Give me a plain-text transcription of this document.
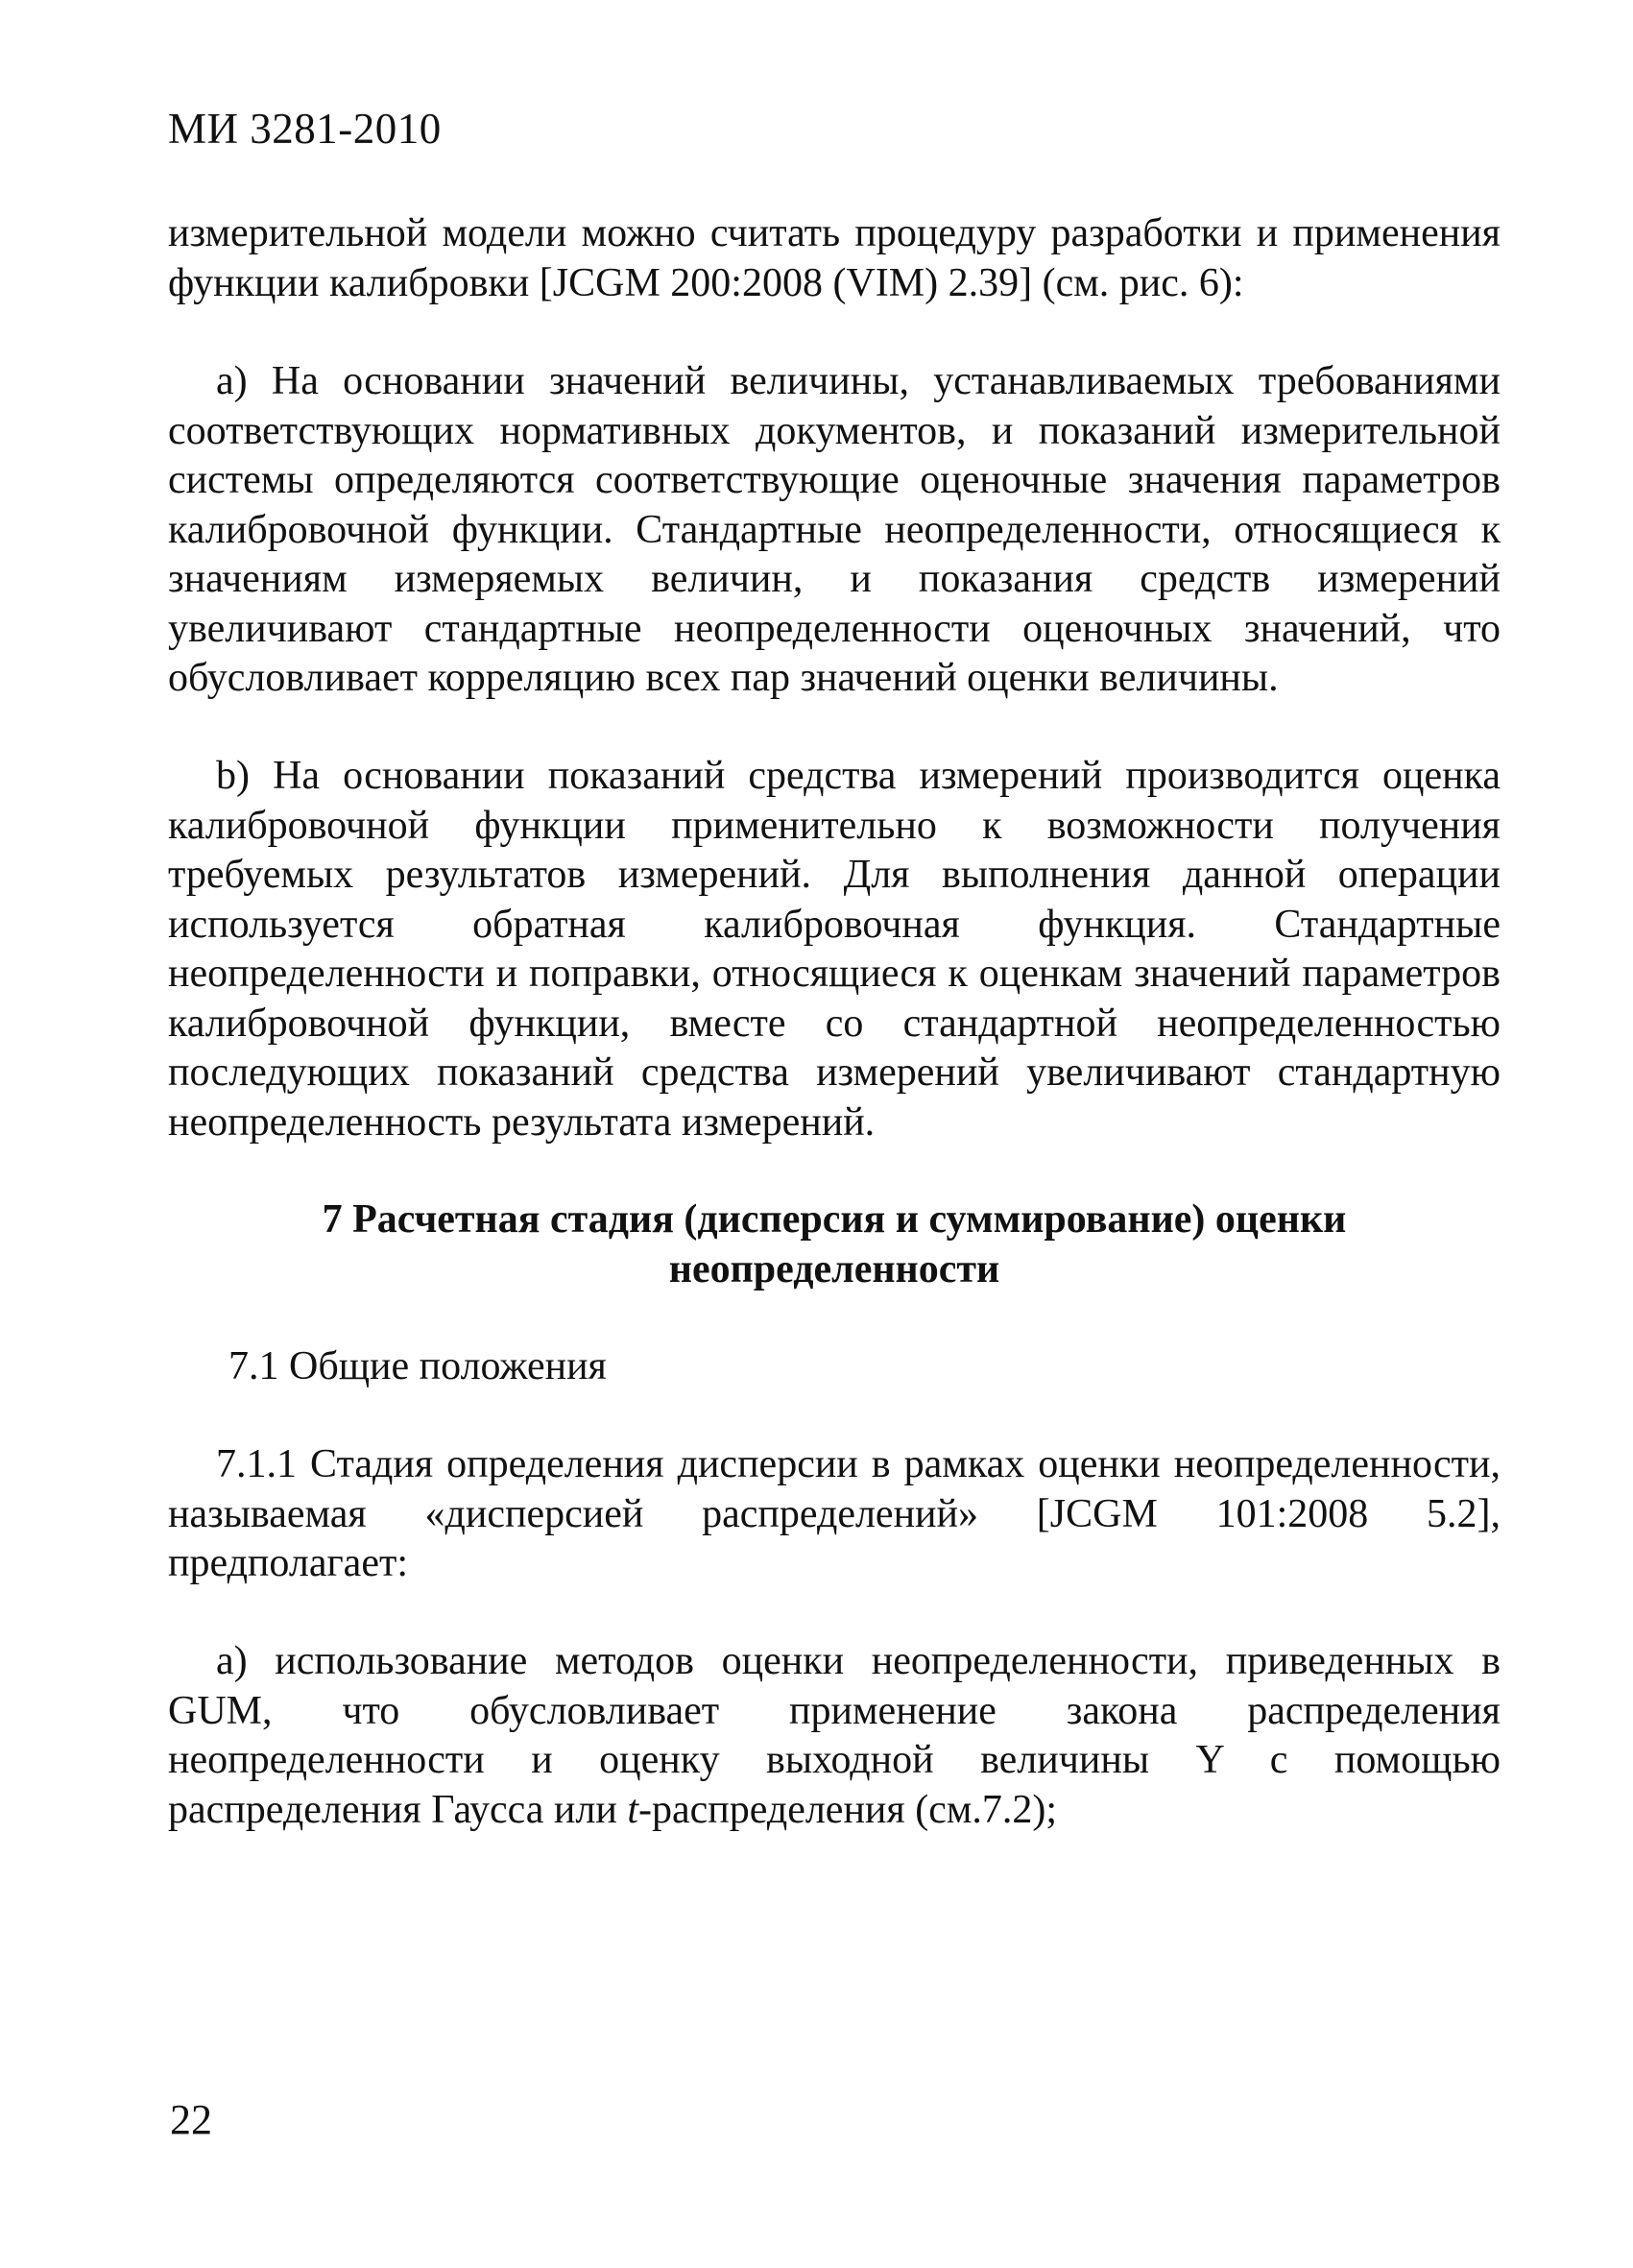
МИ 3281-2010

измерительной модели можно считать процедуру разработки и применения функции калибровки [JCGM 200:2008 (VIM) 2.39] (см. рис. 6):

а) На основании значений величины, устанавливаемых требованиями соответствующих нормативных документов, и показаний измерительной системы определяются соответствующие оценочные значения параметров калибровочной функции. Стандартные неопределенности, относящиеся к значениям измеряемых величин, и показания средств измерений увеличивают стандартные неопределенности оценочных значений, что обусловливает корреляцию всех пар значений оценки величины.

b) На основании показаний средства измерений производится оценка калибровочной функции применительно к возможности получения требуемых результатов измерений. Для выполнения данной операции используется обратная калибровочная функция. Стандартные неопределенности и поправки, относящиеся к оценкам значений параметров калибровочной функции, вместе со стандартной неопределенностью последующих показаний средства измерений увеличивают стандартную неопределенность результата измерений.

7 Расчетная стадия (дисперсия и суммирование) оценки
неопределенности
7.1 Общие положения

7.1.1 Стадия определения дисперсии в рамках оценки неопределенности, называемая «дисперсией распределений» [JCGM 101:2008 5.2], предполагает:

а) использование методов оценки неопределенности, приведенных в GUM, что обусловливает применение закона распределения неопределенности и оценку выходной величины Y с помощью распределения Гаусса или t-распределения (см.7.2);

22
